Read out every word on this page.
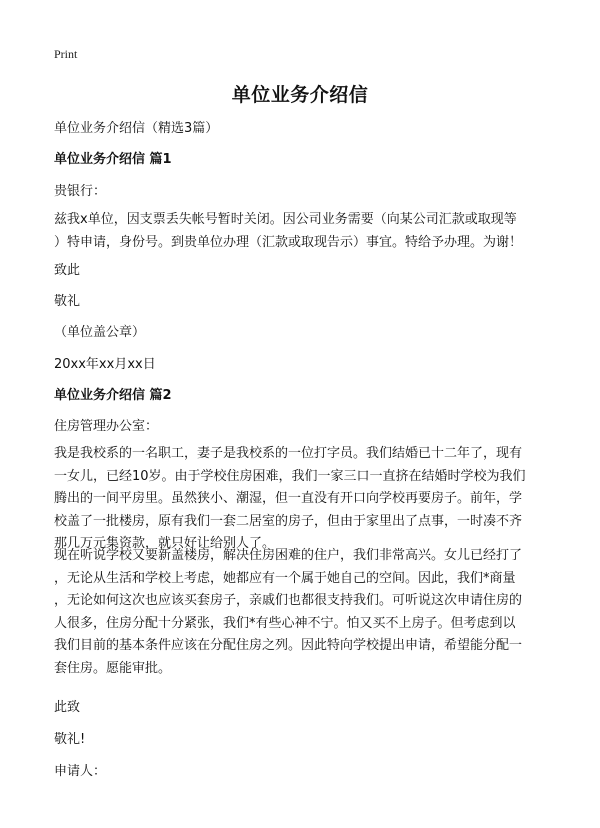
Print
单位业务介绍信
单位业务介绍信（精选3篇）
单位业务介绍信 篇1
贵银行：
兹我x单位，因支票丢失帐号暂时关闭。因公司业务需要（向某公司汇款或取现等
）特申请，身份号。到贵单位办理（汇款或取现告示）事宜。特给予办理。为谢！
致此
敬礼
（单位盖公章）
20xx年xx月xx日
单位业务介绍信 篇2
住房管理办公室：
我是我校系的一名职工，妻子是我校系的一位打字员。我们结婚已十二年了，现有
一女儿，已经10岁。由于学校住房困难，我们一家三口一直挤在结婚时学校为我们
腾出的一间平房里。虽然狭小、潮湿，但一直没有开口向学校再要房子。前年，学
校盖了一批楼房，原有我们一套二居室的房子，但由于家里出了点事，一时凑不齐
那几万元集资款，就只好让给别人了。
现在听说学校又要新盖楼房，解决住房困难的住户，我们非常高兴。女儿已经打了
，无论从生活和学校上考虑，她都应有一个属于她自己的空间。因此，我们*商量
，无论如何这次也应该买套房子，亲戚们也都很支持我们。可听说这次申请住房的
人很多，住房分配十分紧张，我们*有些心神不宁。怕又买不上房子。但考虑到以
我们目前的基本条件应该在分配住房之列。因此特向学校提出申请，希望能分配一
套住房。愿能审批。
此致
敬礼!
申请人：
